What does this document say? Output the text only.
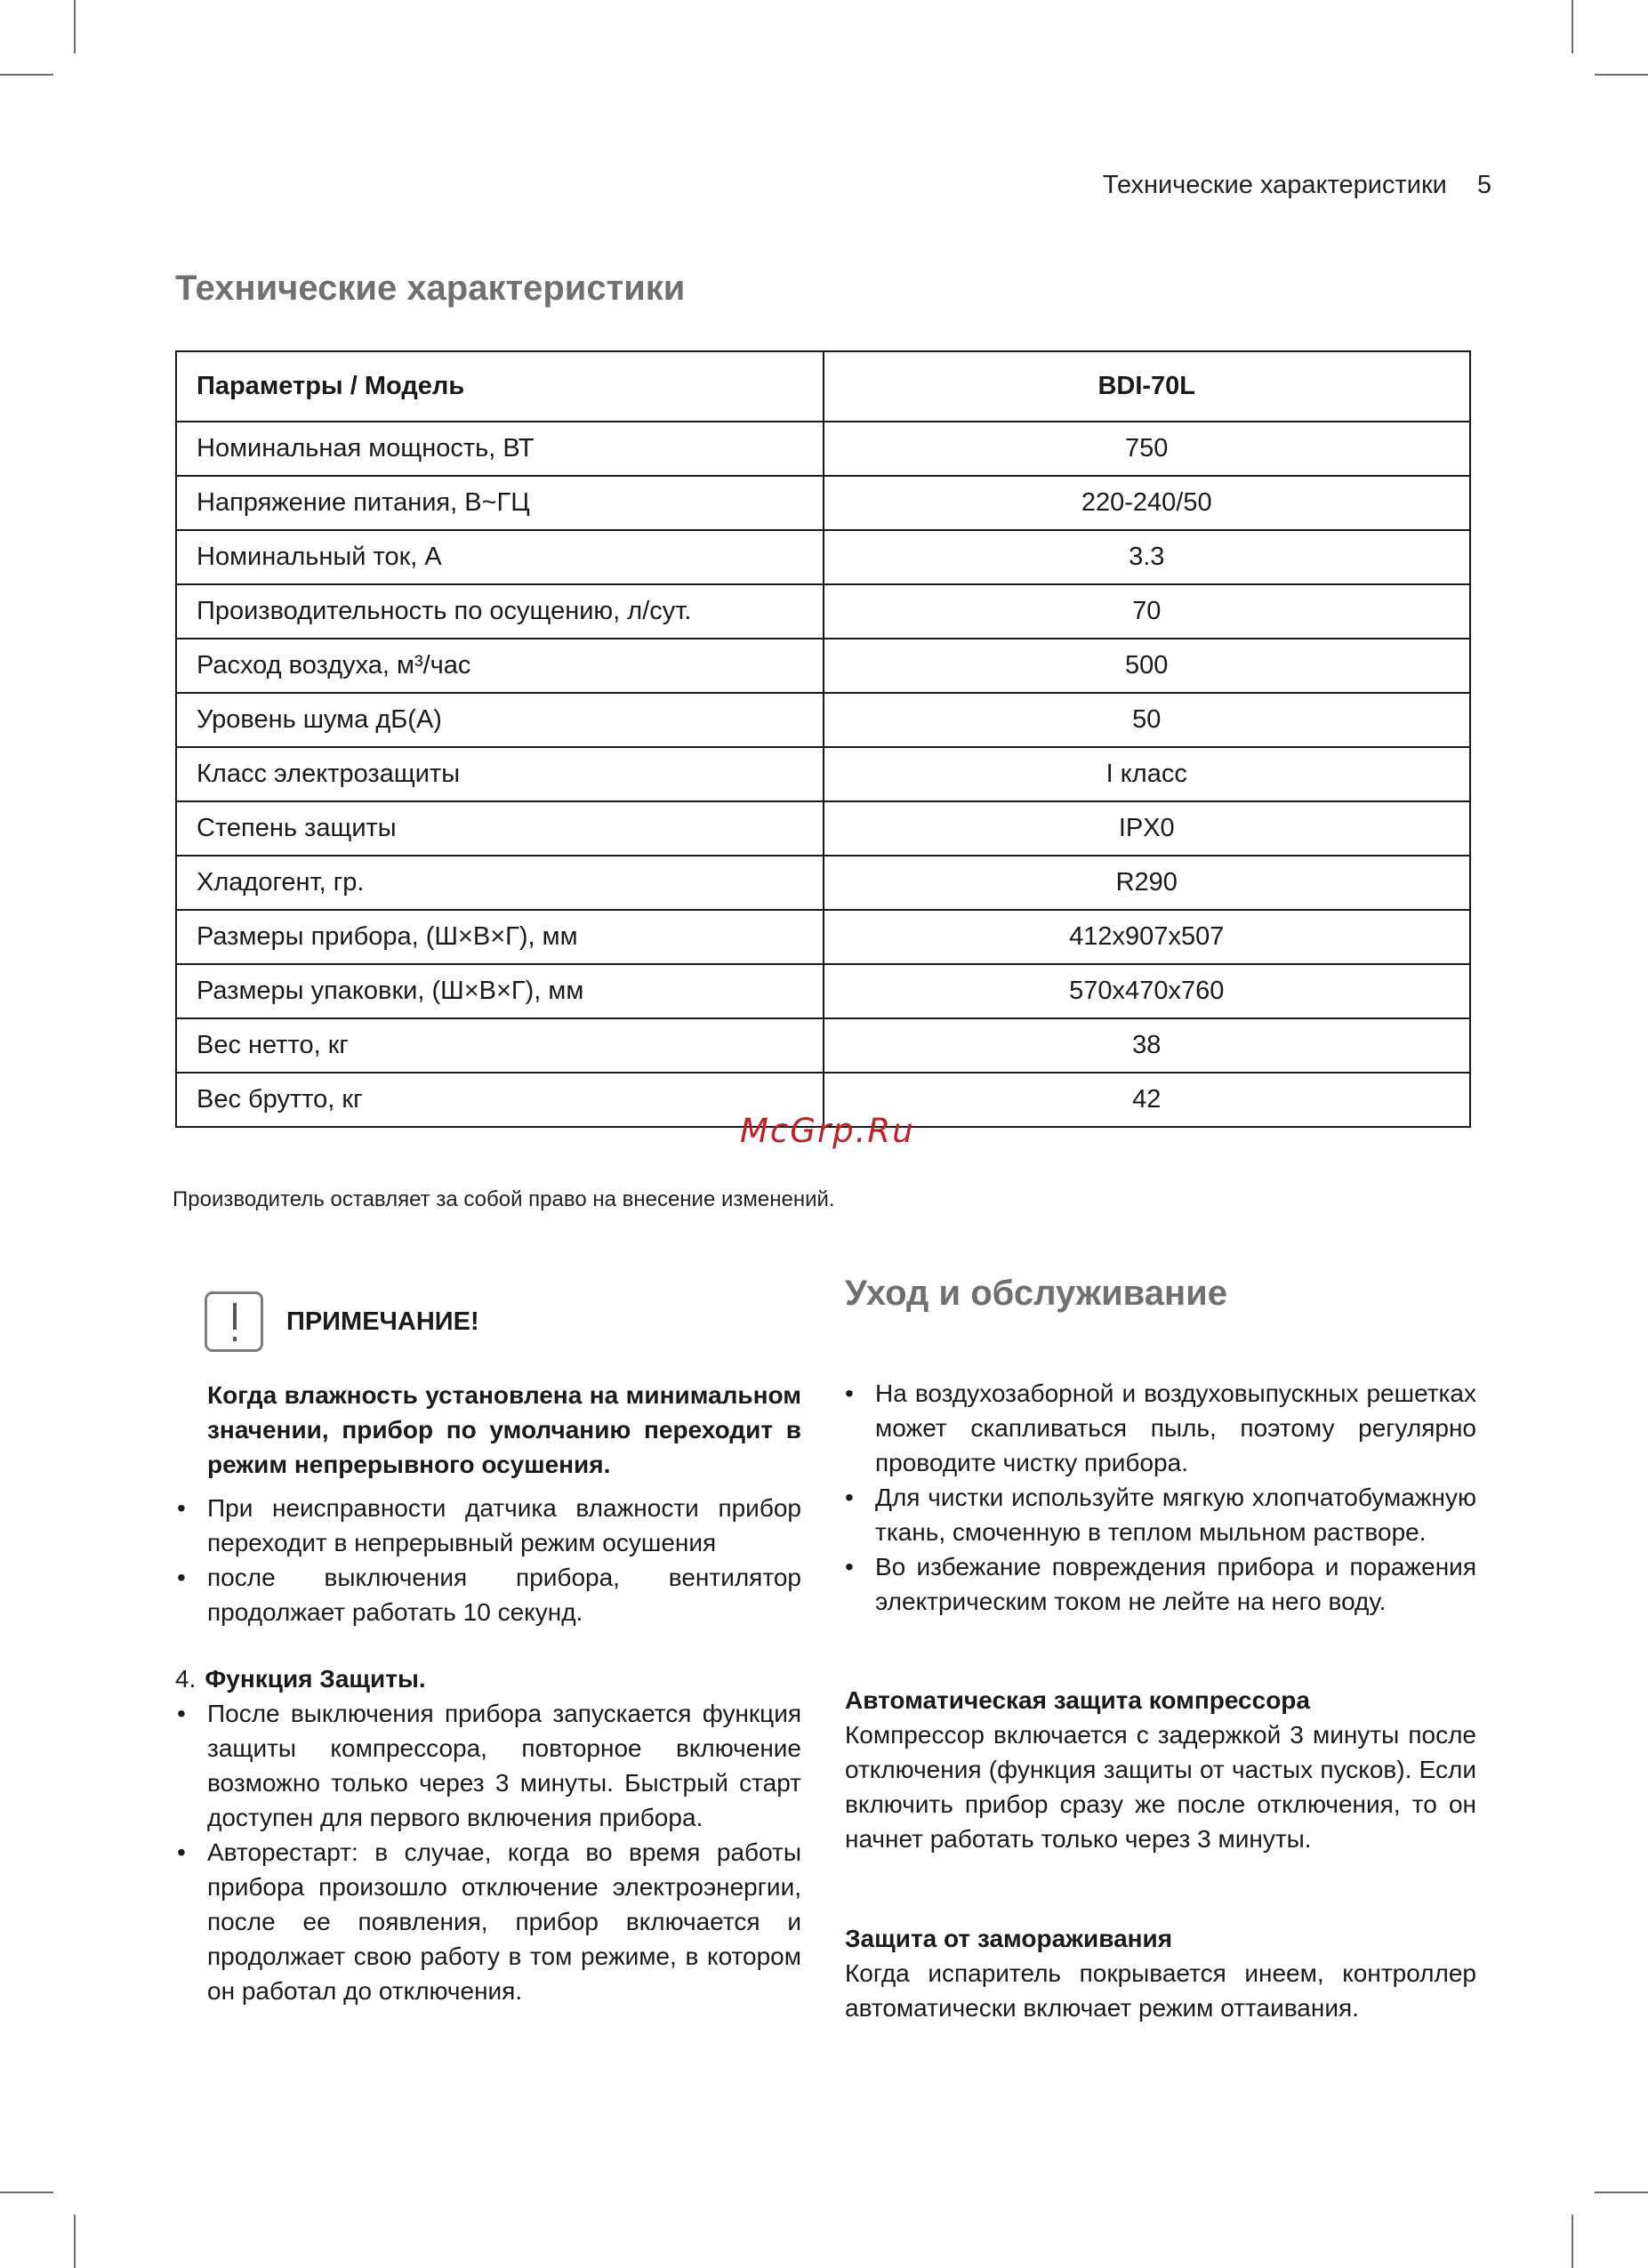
Технические характеристики 5
Технические характеристики
Параметры / Модель	BDI-70L
Номинальная мощность, ВТ	750
Напряжение питания, В~ГЦ	220-240/50
Номинальный ток, А	3.3
Производительность по осущению, л/сут.	70
Расход воздуха, м³/час	500
Уровень шума дБ(А)	50
Класс электрозащиты	I класс
Степень защиты	IPX0
Хладогент, гр.	R290
Размеры прибора, (Ш×В×Г), мм	412x907x507
Размеры упаковки, (Ш×В×Г), мм	570x470x760
Вес нетто, кг	38
Вес брутто, кг	42
McGrp.Ru
Производитель оставляет за собой право на внесение изменений.
ПРИМЕЧАНИЕ!

Когда влажность установлена на минимальном значении, прибор по умолчанию переходит в режим непрерывного осушения.

• При неисправности датчика влажности прибор переходит в непрерывный режим осушения
• после выключения прибора, вентилятор продолжает работать 10 секунд.

4. Функция Защиты.

• После выключения прибора запускается функция защиты компрессора, повторное включение возможно только через 3 минуты. Быстрый старт доступен для первого включения прибора.
• Авторестарт: в случае, когда во время работы прибора произошло отключение электроэнергии, после ее появления, прибор включается и продолжает свою работу в том режиме, в котором он работал до отключения.
Уход и обслуживание
• На воздухозаборной и воздуховыпускных решетках может скапливаться пыль, поэтому регулярно проводите чистку прибора.
• Для чистки используйте мягкую хлопчатобумажную ткань, смоченную в теплом мыльном растворе.
• Во избежание повреждения прибора и поражения электрическим током не лейте на него воду.

Автоматическая защита компрессора

Компрессор включается с задержкой 3 минуты после отключения (функция защиты от частых пусков). Если включить прибор сразу же после отключения, то он начнет работать только через 3 минуты.

Защита от замораживания

Когда испаритель покрывается инеем, контроллер автоматически включает режим оттаивания.
